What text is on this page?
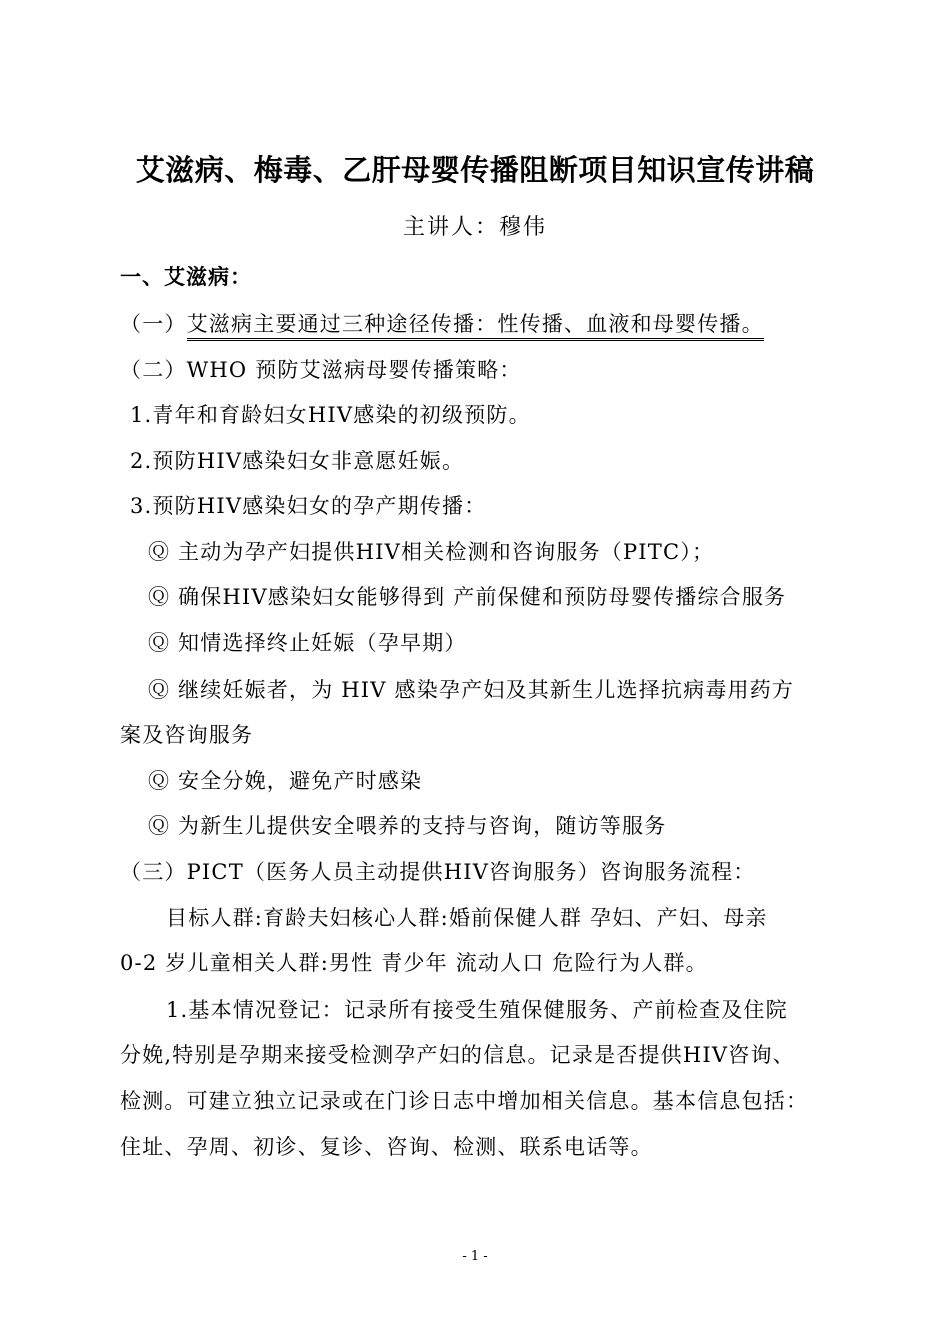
艾滋病、梅毒、乙肝母婴传播阻断项目知识宣传讲稿
主讲人：穆伟
一、艾滋病：
（一）艾滋病主要通过三种途径传播：性传播、血液和母婴传播。
（二）WHO 预防艾滋病母婴传播策略：
1.青年和育龄妇女HIV感染的初级预防。
2.预防HIV感染妇女非意愿妊娠。
3.预防HIV感染妇女的孕产期传播：
Ⓠ 主动为孕产妇提供HIV相关检测和咨询服务（PITC）；
Ⓠ 确保HIV感染妇女能够得到 产前保健和预防母婴传播综合服务
Ⓠ 知情选择终止妊娠（孕早期）
Ⓠ 继续妊娠者，为 HIV 感染孕产妇及其新生儿选择抗病毒用药方
案及咨询服务
Ⓠ 安全分娩，避免产时感染
Ⓠ 为新生儿提供安全喂养的支持与咨询，随访等服务
（三）PICT（医务人员主动提供HIV咨询服务）咨询服务流程：
目标人群:育龄夫妇核心人群:婚前保健人群 孕妇、产妇、母亲
0-2 岁儿童相关人群:男性 青少年 流动人口 危险行为人群。
1.基本情况登记：记录所有接受生殖保健服务、产前检查及住院
分娩,特别是孕期来接受检测孕产妇的信息。记录是否提供HIV咨询、
检测。可建立独立记录或在门诊日志中增加相关信息。基本信息包括：
住址、孕周、初诊、复诊、咨询、检测、联系电话等。
- 1 -
